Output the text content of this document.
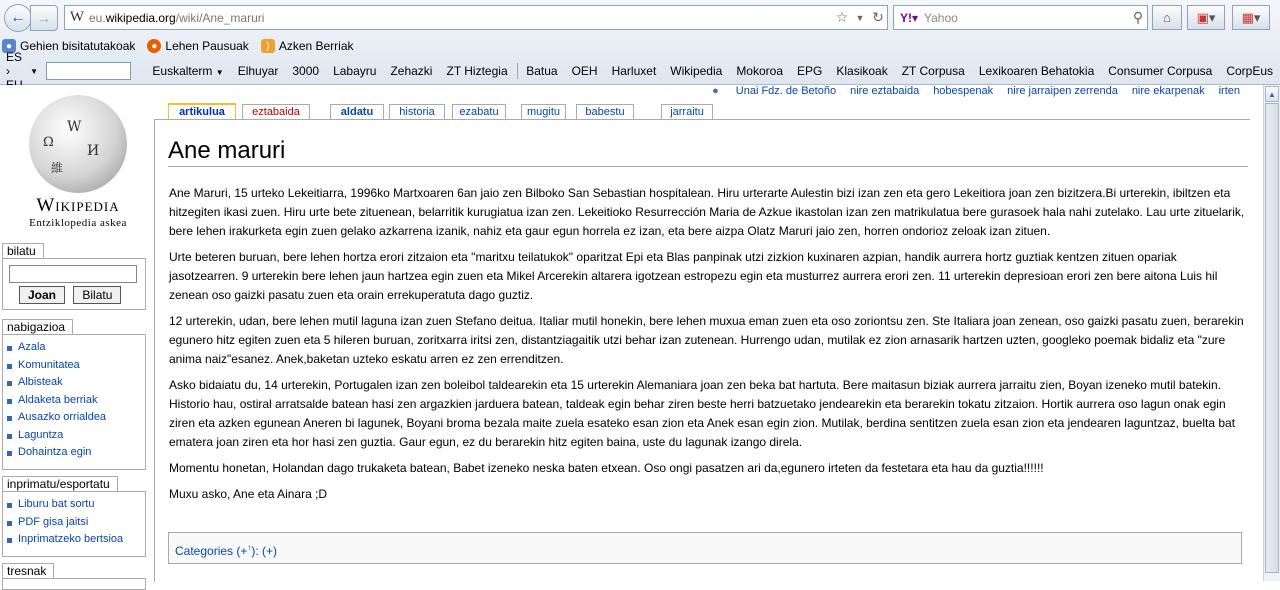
← →	W eu.wikipedia.org/wiki/Ane_maruri	☆ ▼ ↻	Y!▾ Yahoo	⚲ ⌂ ▣ ▾	▦ ▾
● Gehien bisitatutakoak	● Lehen Pausuak	) Azken Berriak
ES ›
	▼	Euskalterm ▼ Elhuyar 3000 Labayru Zehazki ZT Hiztegia Batua OEH Harluxet Wikipedia Mokoroa EPG Klasikoak ZT Corpusa Lexikoaren Behatokia Consumer Corpusa CorpEus
W
Ω
И
維
Wikipedia
Entziklopedia askea
bilatu
Joan Bilatu
nabigazioa
Azala
Komunitatea
Albisteak
Aldaketa berriak
Ausazko orrialdea
Laguntza
Dohaintza egin
inprimatu/esportatu
Liburu bat sortu
PDF gisa jaitsi
Inprimatzeko bertsioa
tresnak
● Unai Fdz. de Betoño nire eztabaida hobespenak nire jarraipen zerrenda nire ekarpenak irten
artikulua	eztabaida	aldatu	historia	ezabatu	mugitu	babestu	jarraitu
Ane maruri

Ane Maruri, 15 urteko Lekeitiarra, 1996ko Martxoaren 6an jaio zen Bilboko San Sebastian hospitalean. Hiru urterarte Aulestin bizi izan zen eta gero Lekeitiora joan zen bizitzera.Bi urterekin, ibiltzen eta hitzegiten ikasi zuen. Hiru urte bete zituenean, belarritik kurugiatua izan zen. Lekeitioko Resurrección Maria de Azkue ikastolan izan zen matrikulatua bere gurasoek hala nahi zutelako. Lau urte zituelarik, bere lehen irakurketa egin zuen gelako azkarrena izanik, nahiz eta gaur egun horrela ez izan, eta bere aizpa Olatz Maruri jaio zen, horren ondorioz zeloak izan zituen.

Urte beteren buruan, bere lehen hortza erori zitzaion eta "maritxu teilatukok" oparitzat Epi eta Blas panpinak utzi zizkion kuxinaren azpian, handik aurrera hortz guztiak kentzen zituen opariak jasotzearren. 9 urterekin bere lehen jaun hartzea egin zuen eta Mikel Arcerekin altarera igotzean estropezu egin eta musturrez aurrera erori zen. 11 urterekin depresioan erori zen bere aitona Luis hil zenean oso gaizki pasatu zuen eta orain errekuperatuta dago guztiz.

12 urterekin, udan, bere lehen mutil laguna izan zuen Stefano deitua. Italiar mutil honekin, bere lehen muxua eman zuen eta oso zoriontsu zen. Ste Italiara joan zenean, oso gaizki pasatu zuen, berarekin egunero hitz egiten zuen eta 5 hileren buruan, zoritxarra iritsi zen, distantziagaitik utzi behar izan zutenean. Hurrengo udan, mutilak ez zion arnasarik hartzen uzten, googleko poemak bidaliz eta "zure anima naiz"esanez. Anek,baketan uzteko eskatu arren ez zen errenditzen.

Asko bidaiatu du, 14 urterekin, Portugalen izan zen boleibol taldearekin eta 15 urterekin Alemaniara joan zen beka bat hartuta. Bere maitasun biziak aurrera jarraitu zien, Boyan izeneko mutil batekin. Historio hau, ostiral arratsalde batean hasi zen argazkien jarduera batean, taldeak egin behar ziren beste herri batzuetako jendearekin eta berarekin tokatu zitzaion. Hortik aurrera oso lagun onak egin ziren eta azken egunean Aneren bi lagunek, Boyani broma bezala maite zuela esateko esan zion eta Anek esan egin zion. Mutilak, berdina sentitzen zuela esan zion eta jendearen laguntzaz, buelta bat ematera joan ziren eta hor hasi zen guztia. Gaur egun, ez du berarekin hitz egiten baina, uste du lagunak izango direla.

Momentu honetan, Holandan dago trukaketa batean, Babet izeneko neska baten etxean. Oso ongi pasatzen ari da,egunero irteten da festetara eta hau da guztia!!!!!!

Muxu asko, Ane eta Ainara ;D

Categories (+↑): (+)
▲
